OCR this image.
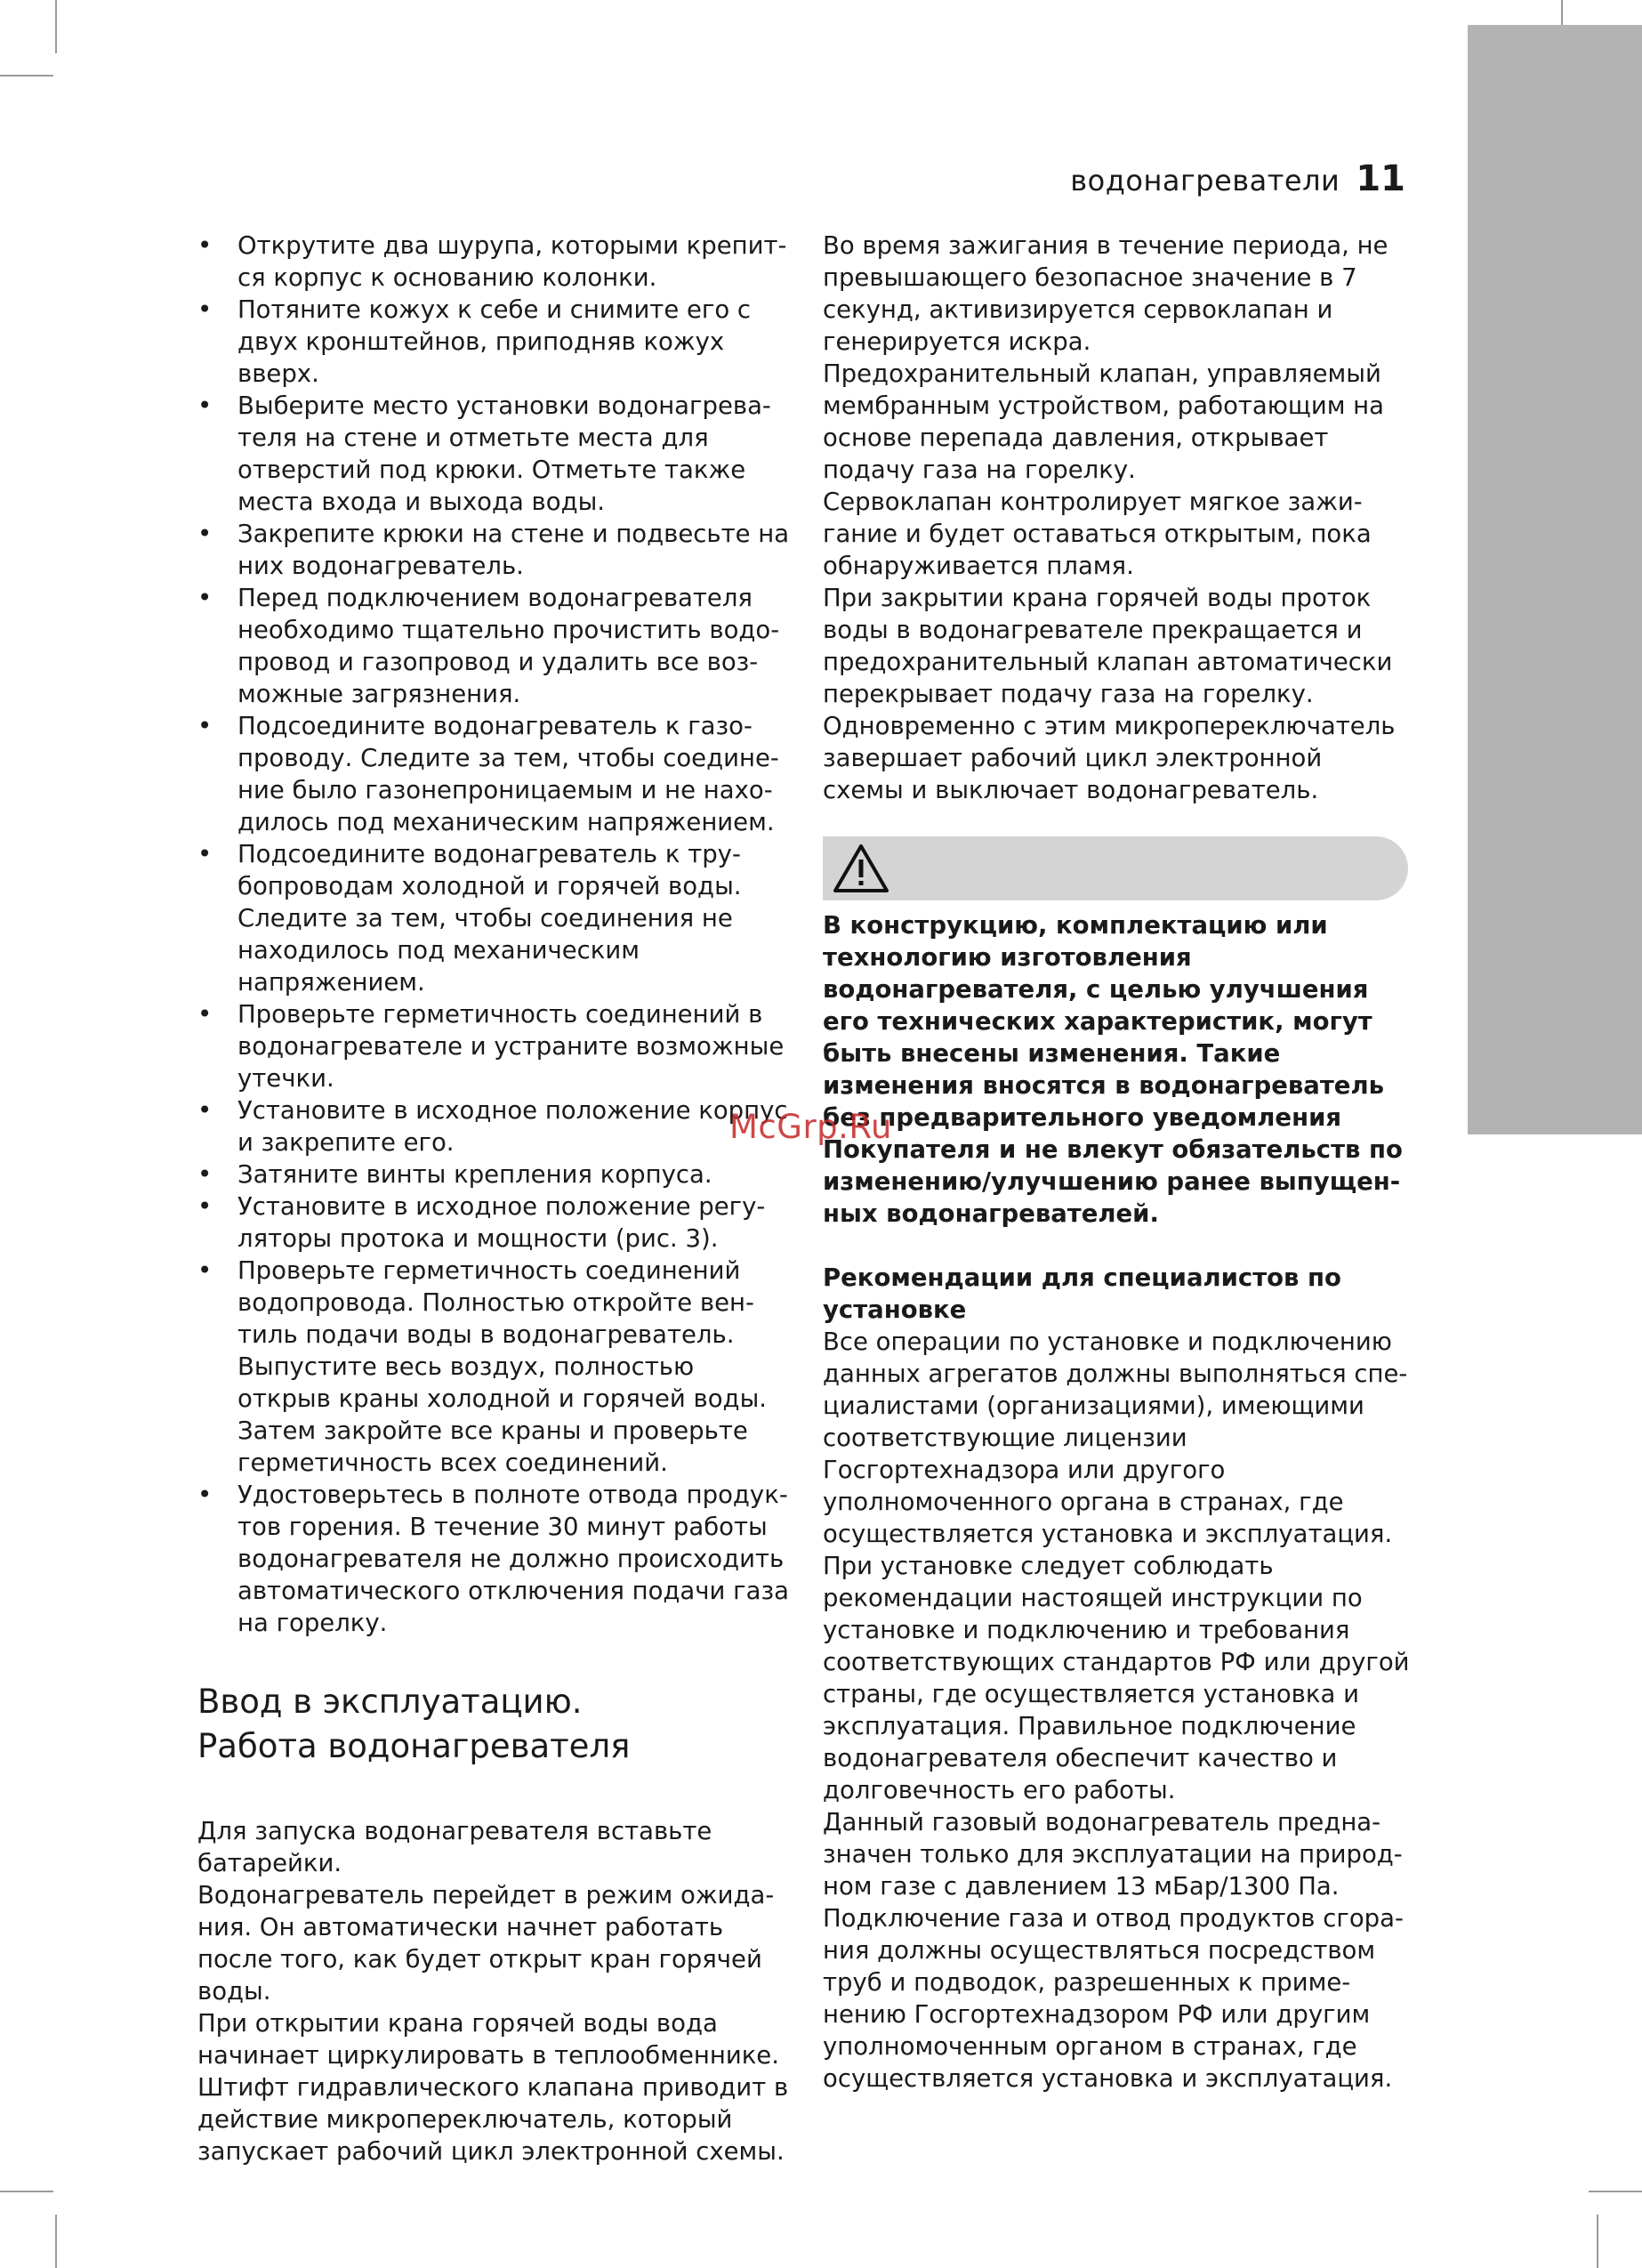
водонагреватели 11
• Открутите два шурупа, которыми крепится корпус к основанию колонки.
• Потяните кожух к себе и снимите его с двух кронштейнов, приподняв кожух вверх.
• Выберите место установки водонагревателя на стене и отметьте места для отверстий под крюки. Отметьте также места входа и выхода воды.
• Закрепите крюки на стене и подвесьте на них водонагреватель.
• Перед подключением водонагревателя необходимо тщательно прочистить водопровод и газопровод и удалить все возможные загрязнения.
• Подсоедините водонагреватель к газопроводу. Следите за тем, чтобы соединение было газонепроницаемым и не находилось под механическим напряжением.
• Подсоедините водонагреватель к трубопроводам холодной и горячей воды. Следите за тем, чтобы соединения не находилось под механическим напряжением.
• Проверьте герметичность соединений в водонагревателе и устраните возможные утечки.
• Установите в исходное положение корпус и закрепите его.
• Затяните винты крепления корпуса.
• Установите в исходное положение регуляторы протока и мощности (рис. 3).
• Проверьте герметичность соединений водопровода. Полностью откройте вентиль подачи воды в водонагреватель. Выпустите весь воздух, полностью открыв краны холодной и горячей воды. Затем закройте все краны и проверьте герметичность всех соединений.
• Удостоверьтесь в полноте отвода продуктов горения. В течение 30 минут работы водонагревателя не должно происходить автоматического отключения подачи газа на горелку.
Ввод в эксплуатацию.
Работа водонагревателя

Для запуска водонагревателя вставьте батарейки.

Водонагреватель перейдет в режим ожидания. Он автоматически начнет работать после того, как будет открыт кран горячей воды.

При открытии крана горячей воды вода начинает циркулировать в теплообменнике.

Штифт гидравлического клапана приводит в действие микропереключатель, который запускает рабочий цикл электронной схемы.

Во время зажигания в течение периода, не превышающего безопасное значение в 7 секунд, активизируется сервоклапан и генерируется искра.

Предохранительный клапан, управляемый мембранным устройством, работающим на основе перепада давления, открывает подачу газа на горелку.

Сервоклапан контролирует мягкое зажигание и будет оставаться открытым, пока обнаруживается пламя.

При закрытии крана горячей воды проток воды в водонагревателе прекращается и предохранительный клапан автоматически перекрывает подачу газа на горелку.

Одновременно с этим микропереключатель завершает рабочий цикл электронной схемы и выключает водонагреватель.

В конструкцию, комплектацию или технологию изготовления водонагревателя, с целью улучшения его технических характеристик, могут быть внесены изменения. Такие изменения вносятся в водонагреватель без предварительного уведомления Покупателя и не влекут обязательств по изменению/улучшению ранее выпущенных водонагревателей.

Рекомендации для специалистов по установке

Все операции по установке и подключению данных агрегатов должны выполняться специалистами (организациями), имеющими соответствующие лицензии Госгортехнадзора или другого уполномоченного органа в странах, где осуществляется установка и эксплуатация. При установке следует соблюдать рекомендации настоящей инструкции по установке и подключению и требования соответствующих стандартов РФ или другой страны, где осуществляется установка и эксплуатация. Правильное подключение водонагревателя обеспечит качество и долговечность его работы.

Данный газовый водонагреватель предназначен только для эксплуатации на природном газе с давлением 13 мБар/1300 Па.

Подключение газа и отвод продуктов сгорания должны осуществляться посредством труб и подводок, разрешенных к применению Госгортехнадзором РФ или другим уполномоченным органом в странах, где осуществляется установка и эксплуатация.

McGrp.Ru
